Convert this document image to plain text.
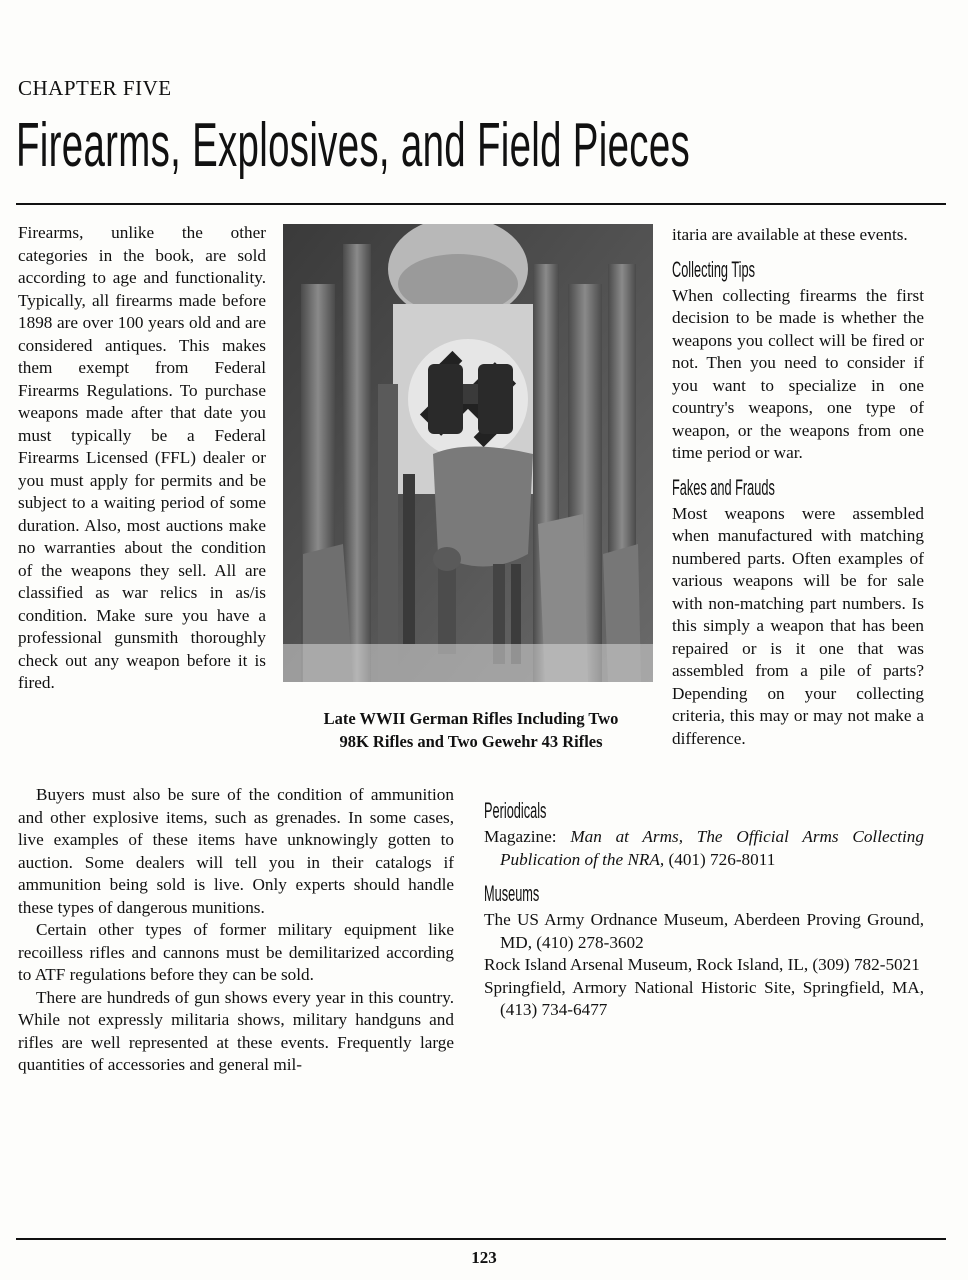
CHAPTER FIVE
Firearms, Explosives, and Field Pieces

Firearms, unlike the other categories in the book, are sold according to age and functionality. Typically, all firearms made before 1898 are over 100 years old and are considered antiques. This makes them exempt from Federal Firearms Regulations. To purchase weapons made after that date you must typically be a Federal Firearms Licensed (FFL) dealer or you must apply for permits and be subject to a waiting period of some duration. Also, most auctions make no warranties about the condition of the weapons they sell. All are classified as war relics in as/is condition. Make sure you have a professional gunsmith thoroughly check out any weapon before it is fired.

Late WWII German Rifles Including Two
98K Rifles and Two Gewehr 43 Rifles

Buyers must also be sure of the condition of ammunition and other explosive items, such as grenades. In some cases, live examples of these items have unknowingly gotten to auction. Some dealers will tell you in their catalogs if ammunition being sold is live. Only experts should handle these types of dangerous munitions.

Certain other types of former military equipment like recoilless rifles and cannons must be demilitarized according to ATF regulations before they can be sold.

There are hundreds of gun shows every year in this country. While not expressly militaria shows, military handguns and rifles are well represented at these events. Frequently large quantities of accessories and general mil-

itaria are available at these events.

Collecting Tips

When collecting firearms the first decision to be made is whether the weapons you collect will be fired or not. Then you need to consider if you want to specialize in one country's weapons, one type of weapon, or the weapons from one time period or war.

Fakes and Frauds

Most weapons were assembled when manufactured with matching numbered parts. Often examples of various weapons will be for sale with non-matching part numbers. Is this simply a weapon that has been repaired or is it one that was assembled from a pile of parts? Depending on your collecting criteria, this may or may not make a difference.

Periodicals

Magazine: Man at Arms, The Official Arms Collecting Publication of the NRA, (401) 726-8011

Museums

The US Army Ordnance Museum, Aberdeen Proving Ground, MD, (410) 278-3602

Rock Island Arsenal Museum, Rock Island, IL, (309) 782-5021

Springfield, Armory National Historic Site, Springfield, MA, (413) 734-6477

123
